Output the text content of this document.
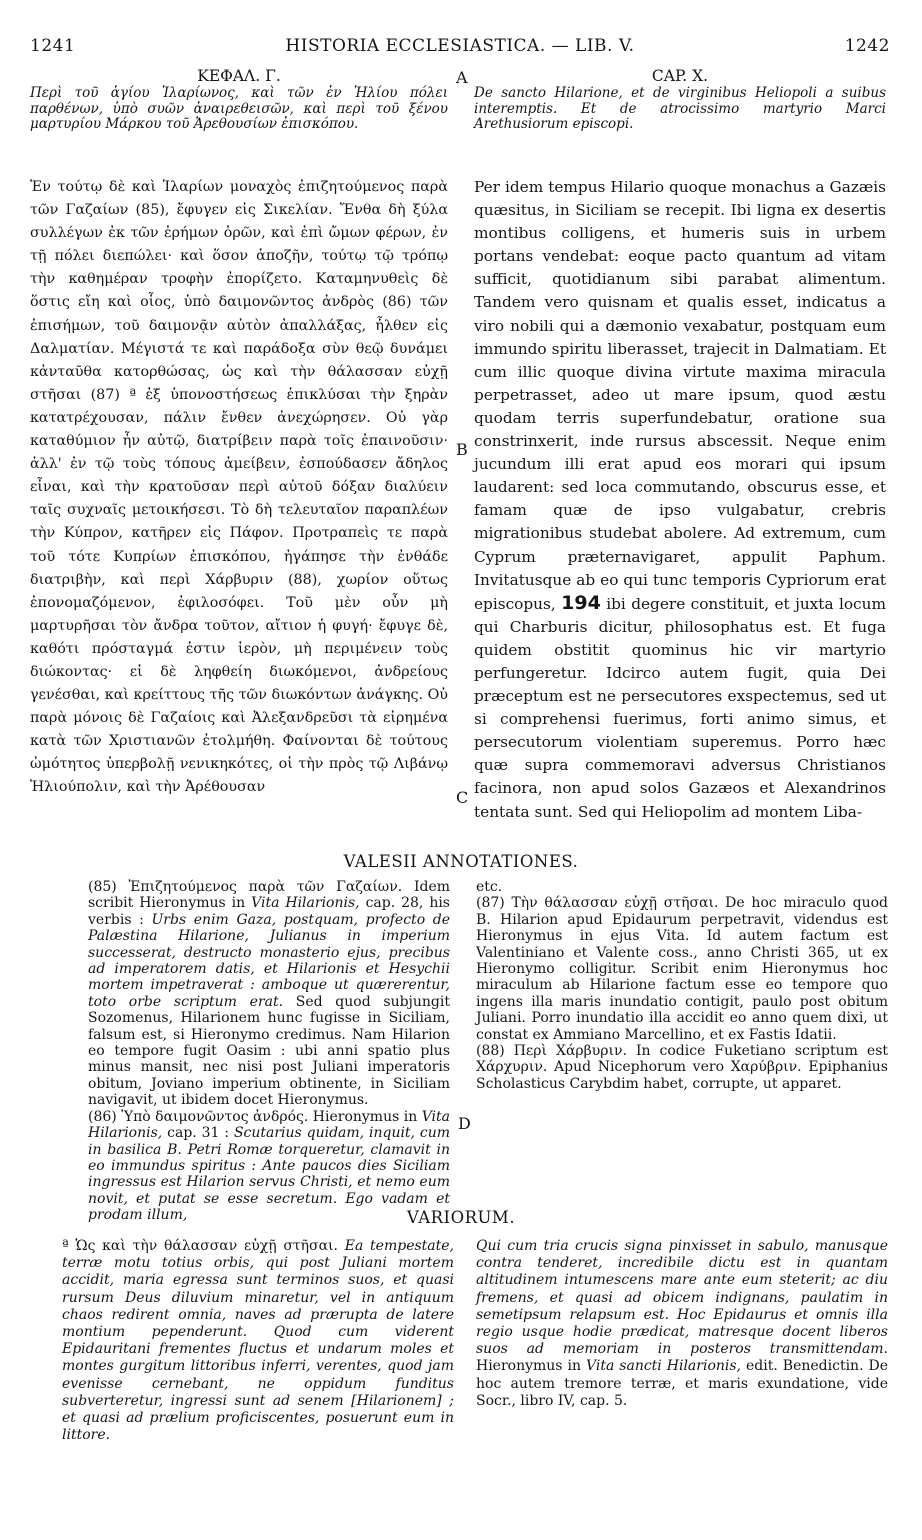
1241	HISTORIA ECCLESIASTICA. — LIB. V.	1242
ΚΕΦΑΛ. Γ.

Περὶ τοῦ ἁγίου Ἱλαρίωνος, καὶ τῶν ἐν Ἡλίου πόλει παρθένων, ὑπὸ συῶν ἀναιρεθεισῶν, καὶ περὶ τοῦ ξένου μαρτυρίου Μάρκου τοῦ Ἀρεθουσίων ἐπισκόπου.

Ἐν τούτῳ δὲ καὶ Ἱλαρίων μοναχὸς ἐπιζητούμενος παρὰ τῶν Γαζαίων (85), ἔφυγεν εἰς Σικελίαν. Ἔνθα δὴ ξύλα συλλέγων ἐκ τῶν ἐρήμων ὀρῶν, καὶ ἐπὶ ὤμων φέρων, ἐν τῇ πόλει διεπώλει· καὶ ὅσον ἀποζῆν, τούτῳ τῷ τρόπῳ τὴν καθημέραν τροφὴν ἐπορίζετο. Καταμηνυθεὶς δὲ ὅστις εἴη καὶ οἷος, ὑπὸ δαιμονῶντος ἀνδρὸς (86) τῶν ἐπισήμων, τοῦ δαιμονᾷν αὐτὸν ἀπαλλάξας, ἧλθεν εἰς Δαλματίαν. Μέγιστά τε καὶ παράδοξα σὺν θεῷ δυνάμει κἀνταῦθα κατορθώσας, ὡς καὶ τὴν θάλασσαν εὐχῇ στῆσαι (87) ª ἐξ ὑπονοστήσεως ἐπικλύσαι τὴν ξηρὰν κατατρέχουσαν, πάλιν ἔνθεν ἀνεχώρησεν. Οὐ γὰρ καταθύμιον ἦν αὐτῷ, διατρίβειν παρὰ τοῖς ἐπαινοῦσιν· ἀλλ' ἐν τῷ τοὺς τόπους ἀμείβειν, ἐσπούδασεν ἄδηλος εἶναι, καὶ τὴν κρατοῦσαν περὶ αὐτοῦ δόξαν διαλύειν ταῖς συχναῖς μετοικήσεσι. Τὸ δὴ τελευταῖον παραπλέων τὴν Κύπρον, κατῆρεν εἰς Πάφον. Προτραπεὶς τε παρὰ τοῦ τότε Κυπρίων ἐπισκόπου, ἠγάπησε τὴν ἐνθάδε διατριβὴν, καὶ περὶ Χάρβυριν (88), χωρίον οὕτως ἐπονομαζόμενον, ἐφιλοσόφει. Τοῦ μὲν οὖν μὴ μαρτυρῆσαι τὸν ἄνδρα τοῦτον, αἴτιον ἡ φυγή· ἔφυγε δὲ, καθότι πρόσταγμά ἐστιν ἱερὸν, μὴ περιμένειν τοὺς διώκοντας· εἰ δὲ ληφθείη διωκόμενοι, ἀνδρείους γενέσθαι, καὶ κρείττους τῆς τῶν διωκόντων ἀνάγκης. Οὐ παρὰ μόνοις δὲ Γαζαίοις καὶ Ἀλεξανδρεῦσι τὰ εἰρημένα κατὰ τῶν Χριστιανῶν ἐτολμήθη. Φαίνονται δὲ τούτους ὠμότητος ὑπερβολῇ νενικηκότες, οἱ τὴν πρὸς τῷ Λιβάνῳ Ἡλιούπολιν, καὶ τὴν Ἀρέθουσαν

CAP. X.

De sancto Hilarione, et de virginibus Heliopoli a suibus interemptis. Et de atrocissimo martyrio Marci Arethusiorum episcopi.

Per idem tempus Hilario quoque monachus a Gazæis quæsitus, in Siciliam se recepit. Ibi ligna ex desertis montibus colligens, et humeris suis in urbem portans vendebat: eoque pacto quantum ad vitam sufficit, quotidianum sibi parabat alimentum. Tandem vero quisnam et qualis esset, indicatus a viro nobili qui a dæmonio vexabatur, postquam eum immundo spiritu liberasset, trajecit in Dalmatiam. Et cum illic quoque divina virtute maxima miracula perpetrasset, adeo ut mare ipsum, quod æstu quodam terris superfundebatur, oratione sua constrinxerit, inde rursus abscessit. Neque enim jucundum illi erat apud eos morari qui ipsum laudarent: sed loca commutando, obscurus esse, et famam quæ de ipso vulgabatur, crebris migrationibus studebat abolere. Ad extremum, cum Cyprum præternavigaret, appulit Paphum. Invitatusque ab eo qui tunc temporis Cypriorum erat episcopus, 194 ibi degere constituit, et juxta locum qui Charburis dicitur, philosophatus est. Et fuga quidem obstitit quominus hic vir martyrio perfungeretur. Idcirco autem fugit, quia Dei præceptum est ne persecutores exspectemus, sed ut si comprehensi fuerimus, forti animo simus, et persecutorum violentiam superemus. Porro hæc quæ supra commemoravi adversus Christianos facinora, non apud solos Gazæos et Alexandrinos tentata sunt. Sed qui Heliopolim ad montem Liba-

A
B
C
D
VALESII ANNOTATIONES.

(85) Ἐπιζητούμενος παρὰ τῶν Γαζαίων. Idem scribit Hieronymus in Vita Hilarionis, cap. 28, his verbis : Urbs enim Gaza, postquam, profecto de Palæstina Hilarione, Julianus in imperium successerat, destructo monasterio ejus, precibus ad imperatorem datis, et Hilarionis et Hesychii mortem impetraverat : amboque ut quærerentur, toto orbe scriptum erat. Sed quod subjungit Sozomenus, Hilarionem hunc fugisse in Siciliam, falsum est, si Hieronymo credimus. Nam Hilarion eo tempore fugit Oasim : ubi anni spatio plus minus mansit, nec nisi post Juliani imperatoris obitum, Joviano imperium obtinente, in Siciliam navigavit, ut ibidem docet Hieronymus.

(86) Ὑπὸ δαιμονῶντος ἀνδρός. Hieronymus in Vita Hilarionis, cap. 31 : Scutarius quidam, inquit, cum in basilica B. Petri Romæ torqueretur, clamavit in eo immundus spiritus : Ante paucos dies Siciliam ingressus est Hilarion servus Christi, et nemo eum novit, et putat se esse secretum. Ego vadam et prodam illum,

etc.

(87) Τὴν θάλασσαν εὐχῇ στῆσαι. De hoc miraculo quod B. Hilarion apud Epidaurum perpetravit, videndus est Hieronymus in ejus Vita. Id autem factum est Valentiniano et Valente coss., anno Christi 365, ut ex Hieronymo colligitur. Scribit enim Hieronymus hoc miraculum ab Hilarione factum esse eo tempore quo ingens illa maris inundatio contigit, paulo post obitum Juliani. Porro inundatio illa accidit eo anno quem dixi, ut constat ex Ammiano Marcellino, et ex Fastis Idatii.

(88) Περὶ Χάρβυριν. In codice Fuketiano scriptum est Χάρχυριν. Apud Nicephorum vero Χαρύβριν. Epiphanius Scholasticus Carybdim habet, corrupte, ut apparet.

VARIORUM.
ª Ὡς καὶ τὴν θάλασσαν εὐχῇ στῆσαι. Ea tempestate, terræ motu totius orbis, qui post Juliani mortem accidit, maria egressa sunt terminos suos, et quasi rursum Deus diluvium minaretur, vel in antiquum chaos redirent omnia, naves ad prærupta de latere montium pependerunt. Quod cum viderent Epidauritani frementes fluctus et undarum moles et montes gurgitum littoribus inferri, verentes, quod jam evenisse cernebant, ne oppidum funditus subverteretur, ingressi sunt ad senem [Hilarionem] ; et quasi ad prælium proficiscentes, posuerunt eum in littore.
Qui cum tria crucis signa pinxisset in sabulo, manusque contra tenderet, incredibile dictu est in quantam altitudinem intumescens mare ante eum steterit; ac diu fremens, et quasi ad obicem indignans, paulatim in semetipsum relapsum est. Hoc Epidaurus et omnis illa regio usque hodie prædicat, matresque docent liberos suos ad memoriam in posteros transmittendam. Hieronymus in Vita sancti Hilarionis, edit. Benedictin. De hoc autem tremore terræ, et maris exundatione, vide Socr., libro IV, cap. 5.
